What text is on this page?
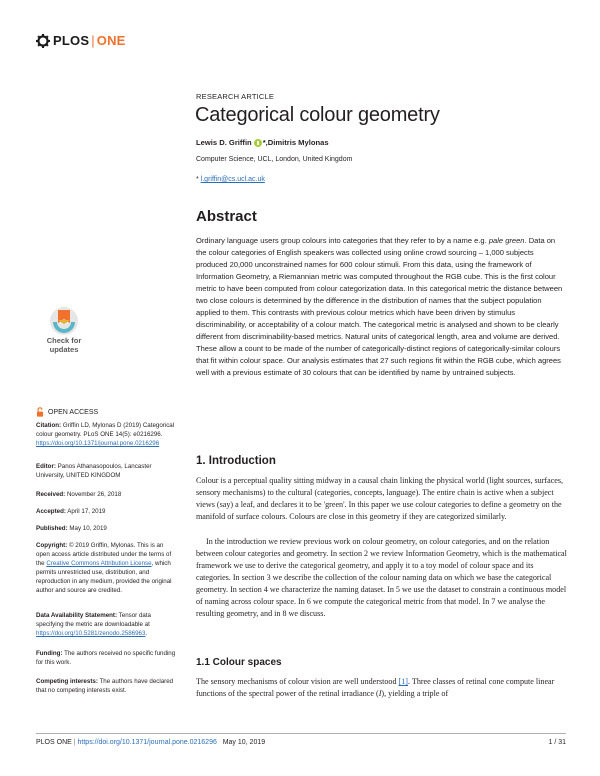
PLOS | ONE
RESEARCH ARTICLE
Categorical colour geometry
Lewis D. Griffin *, Dimitris Mylonas
Computer Science, UCL, London, United Kingdom
* l.griffin@cs.ucl.ac.uk
Abstract

Ordinary language users group colours into categories that they refer to by a name e.g. pale green. Data on the colour categories of English speakers was collected using online crowd sourcing – 1,000 subjects produced 20,000 unconstrained names for 600 colour stimuli. From this data, using the framework of Information Geometry, a Riemannian metric was computed throughout the RGB cube. This is the first colour metric to have been computed from colour categorization data. In this categorical metric the distance between two close colours is determined by the difference in the distribution of names that the subject population applied to them. This contrasts with previous colour metrics which have been driven by stimulus discriminability, or acceptability of a colour match. The categorical metric is analysed and shown to be clearly different from discriminability-based metrics. Natural units of categorical length, area and volume are derived. These allow a count to be made of the number of categorically-distinct regions of categorically-similar colours that fit within colour space. Our analysis estimates that 27 such regions fit within the RGB cube, which agrees well with a previous estimate of 30 colours that can be identified by name by untrained subjects.

Check for
updates
OPEN ACCESS
Citation: Griffin LD, Mylonas D (2019) Categorical colour geometry. PLoS ONE 14(5): e0216296. https://doi.org/10.1371/journal.pone.0216296
Editor: Panos Athanasopoulos, Lancaster University, UNITED KINGDOM
Received: November 26, 2018
Accepted: April 17, 2019
Published: May 10, 2019
Copyright: © 2019 Griffin, Mylonas. This is an open access article distributed under the terms of the Creative Commons Attribution License, which permits unrestricted use, distribution, and reproduction in any medium, provided the original author and source are credited.
Data Availability Statement: Tensor data specifying the metric are downloadable at https://doi.org/10.5281/zenodo.2586963.
Funding: The authors received no specific funding for this work.
Competing interests: The authors have declared that no competing interests exist.
1. Introduction

Colour is a perceptual quality sitting midway in a causal chain linking the physical world (light sources, surfaces, sensory mechanisms) to the cultural (categories, concepts, language). The entire chain is active when a subject views (say) a leaf, and declares it to be 'green'. In this paper we use colour categories to define a geometry on the manifold of surface colours. Colours are close in this geometry if they are categorized similarly.

In the introduction we review previous work on colour geometry, on colour categories, and on the relation between colour categories and geometry. In section 2 we review Information Geometry, which is the mathematical framework we use to derive the categorical geometry, and apply it to a toy model of colour space and its categories. In section 3 we describe the collection of the colour naming data on which we base the categorical geometry. In section 4 we characterize the naming dataset. In 5 we use the dataset to constrain a continuous model of naming across colour space. In 6 we compute the categorical metric from that model. In 7 we analyse the resulting geometry, and in 8 we discuss.

1.1 Colour spaces

The sensory mechanisms of colour vision are well understood [1]. Three classes of retinal cone compute linear functions of the spectral power of the retinal irradiance (I), yielding a triple of

PLOS ONE | https://doi.org/10.1371/journal.pone.0216296 May 10, 2019	1 / 31
